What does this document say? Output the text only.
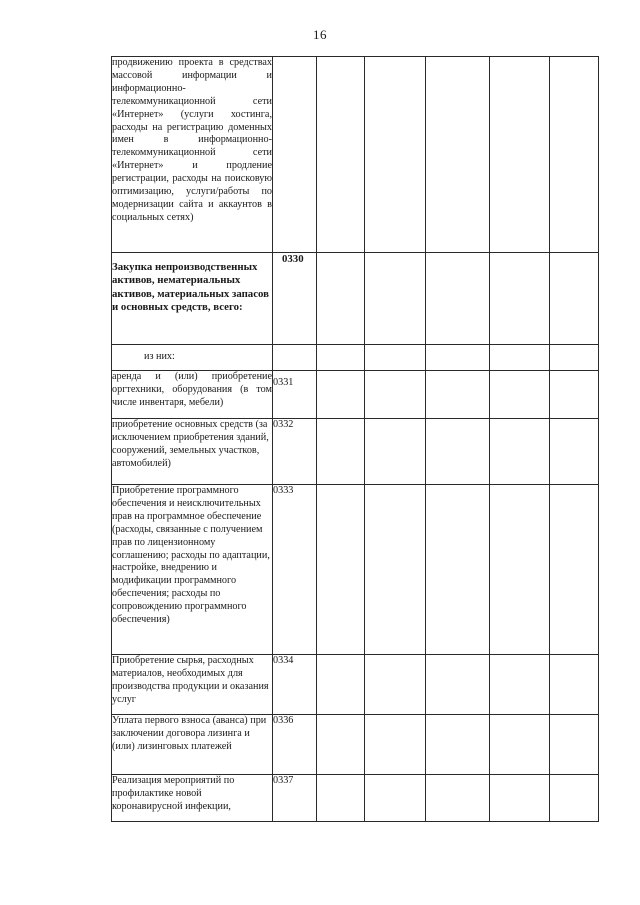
16
продвижению проекта в средствах массовой информации и информационно-телекоммуникационной сети «Интернет» (услуги хостинга, расходы на регистрацию доменных имен в информационно-телекоммуникационной сети «Интернет» и продление регистрации, расходы на поисковую оптимизацию, услуги/работы по модернизации сайта и аккаунтов в социальных сетях)						

Закупка непроизводственных активов, нематериальных активов, материальных запасов и основных средств, всего:	0330					

из них:						

аренда и (или) приобретение оргтехники, оборудования (в том числе инвентаря, мебели)	0331					

приобретение основных средств (за исключением приобретения зданий, сооружений, земельных участков, автомобилей)	0332					

Приобретение программного обеспечения и неисключительных прав на программное обеспечение (расходы, связанные с получением прав по лицензионному соглашению; расходы по адаптации, настройке, внедрению и модификации программного обеспечения; расходы по сопровождению программного обеспечения)	0333					

Приобретение сырья, расходных материалов, необходимых для производства продукции и оказания услуг	0334					

Уплата первого взноса (аванса) при заключении договора лизинга и (или) лизинговых платежей	0336					

Реализация мероприятий по профилактике новой коронавирусной инфекции,	0337					
